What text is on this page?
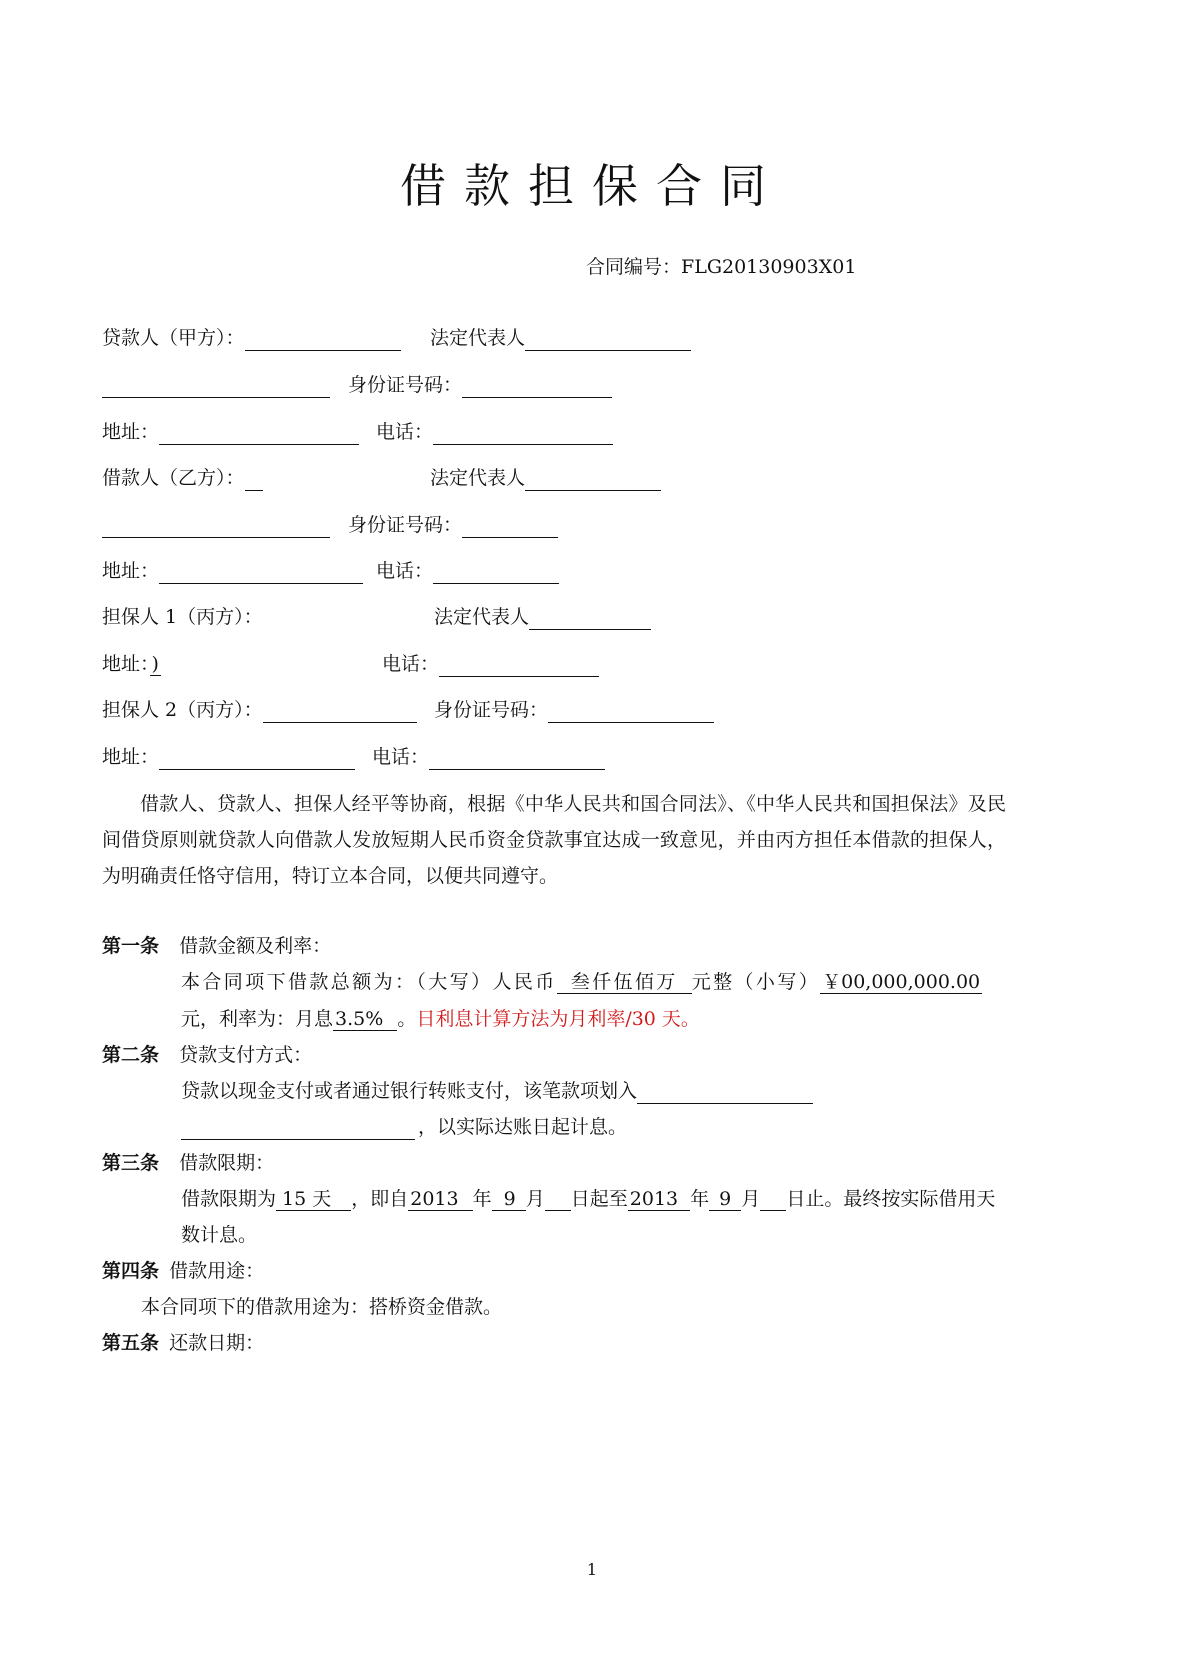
借款担保合同
合同编号：FLG20130903X01
贷款人（甲方）：	法定代表人
身份证号码：
地址：	电话：
借款人（乙方）：	法定代表人
身份证号码：
地址：	电话：
担保人 1（丙方）：	法定代表人
地址： )	电话：
担保人 2（丙方）：	身份证号码：
地址：	电话：
借款人、贷款人、担保人经平等协商，根据《中华人民共和国合同法》、《中华人民共和国担保法》及民间借贷原则就贷款人向借款人发放短期人民币资金贷款事宜达成一致意见，并由丙方担任本借款的担保人，为明确责任恪守信用，特订立本合同，以便共同遵守。
第一条 借款金额及利率：
本合同项下借款总额为：（大写）人民币 叁仟伍佰万 元整（小写） ￥00,000,000.00
元，利率为：月息 3.5% 。日利息计算方法为月利率/30 天。
第二条 贷款支付方式：
贷款以现金支付或者通过银行转账支付，该笔款项划入
，以实际达账日起计息。
第三条 借款限期：
借款限期为 15 天 ，即自 2013 年 9 月 日起至 2013 年 9 月 日止。最终按实际借用天
数计息。
第四条 借款用途：
本合同项下的借款用途为：搭桥资金借款。
第五条 还款日期：
1
